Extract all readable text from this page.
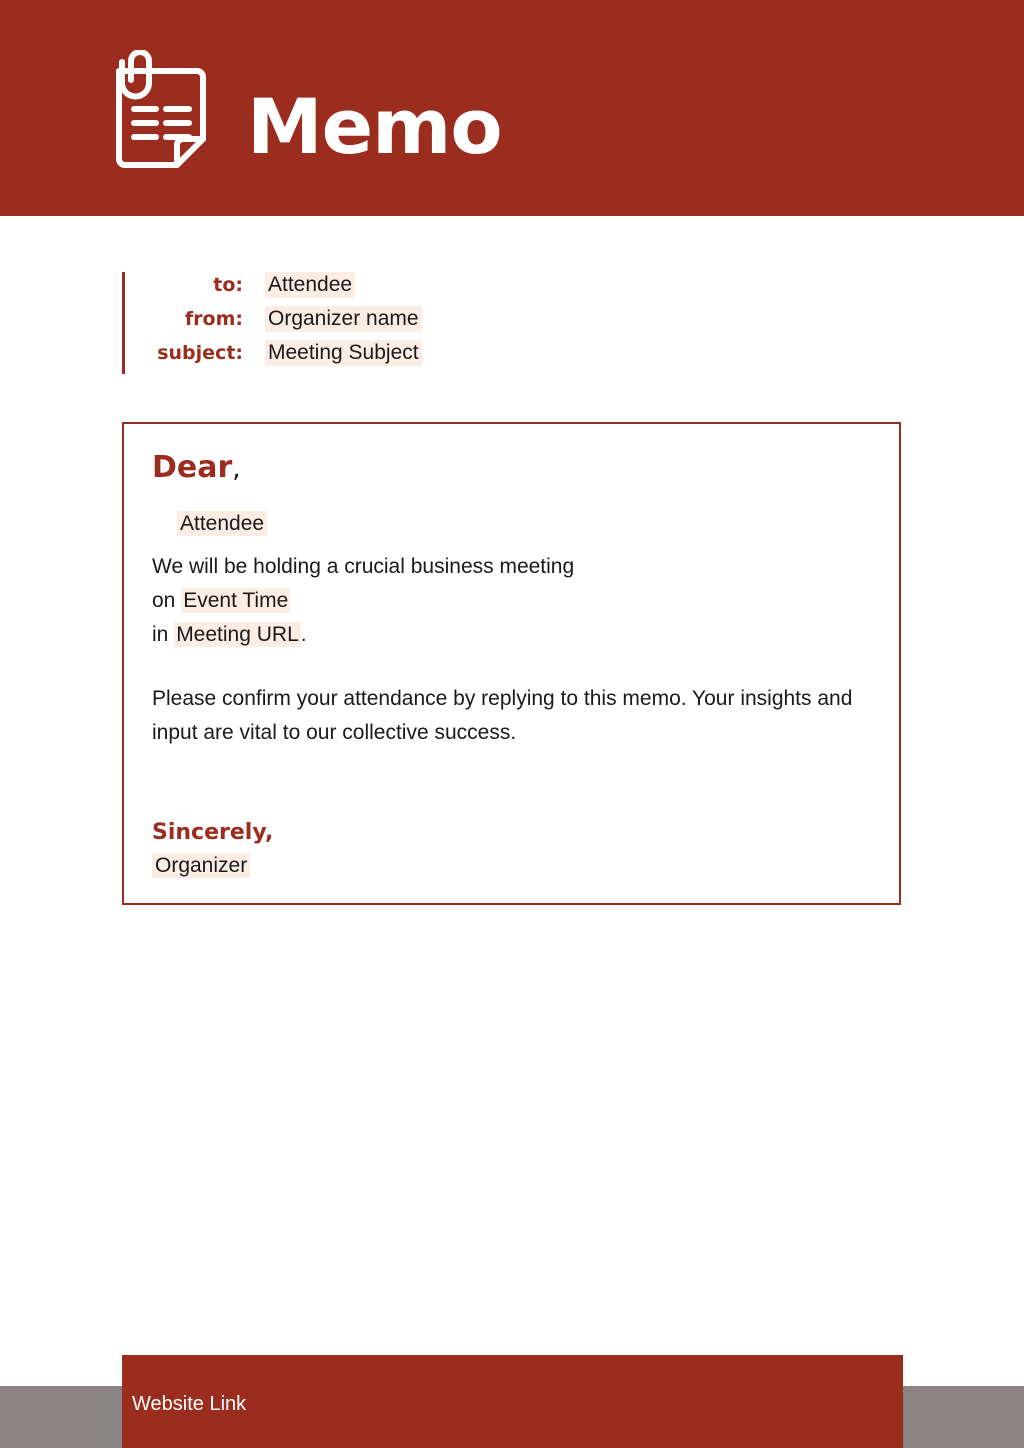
Memo
to: Attendee
from: Organizer name
subject: Meeting Subject
Dear,
Attendee
We will be holding a crucial business meeting
on Event Time
in Meeting URL.
Please confirm your attendance by replying to this memo. Your insights and input are vital to our collective success.
Sincerely,
Organizer
Website Link
